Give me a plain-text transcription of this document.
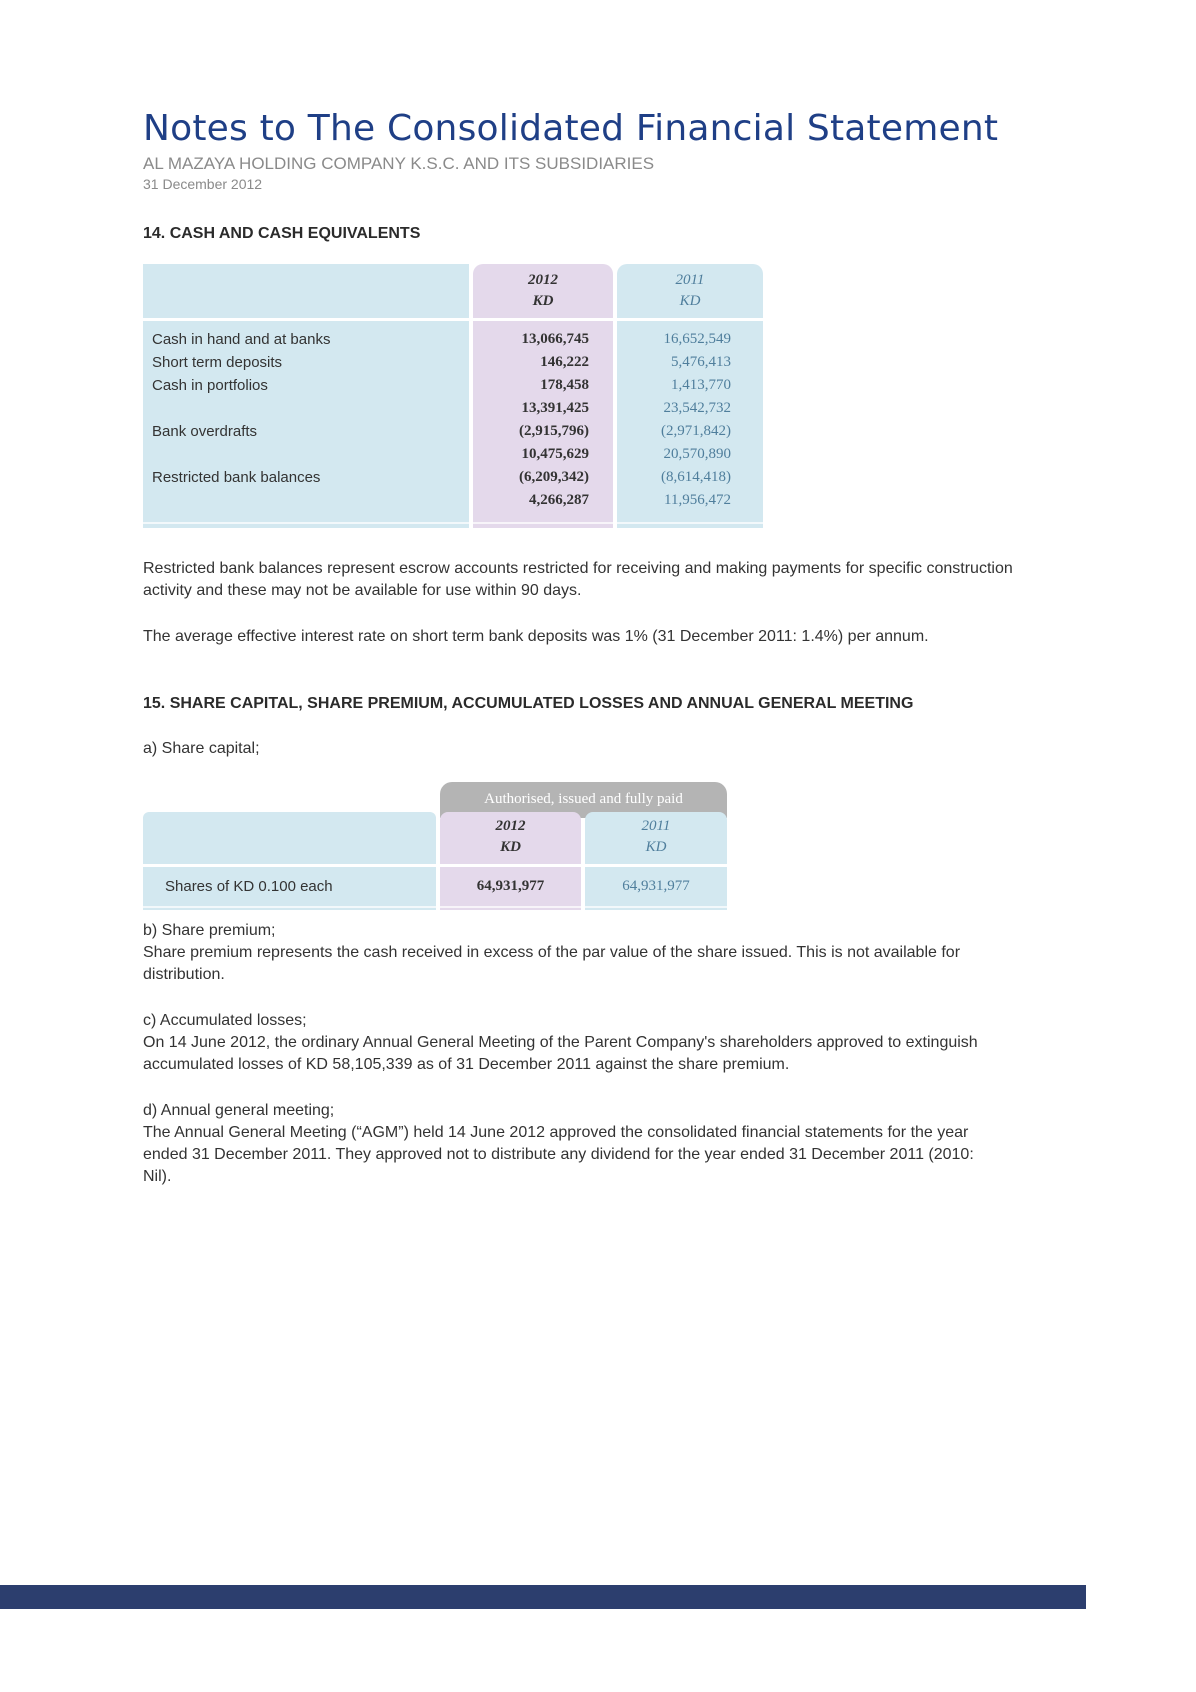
Notes to The Consolidated Financial Statement
AL MAZAYA HOLDING COMPANY K.S.C. AND ITS SUBSIDIARIES
31 December 2012
14. CASH AND CASH EQUIVALENTS
2012
KD
2011
KD
Cash in hand and at banks	13,066,745	16,652,549
Short term deposits	146,222	5,476,413
Cash in portfolios	178,458	1,413,770
13,391,425	23,542,732
Bank overdrafts	(2,915,796)	(2,971,842)
10,475,629	20,570,890
Restricted bank balances	(6,209,342)	(8,614,418)
4,266,287	11,956,472
Restricted bank balances represent escrow accounts restricted for receiving and making payments for specific construction
activity and these may not be available for use within 90 days.
The average effective interest rate on short term bank deposits was 1% (31 December 2011: 1.4%) per annum.
15. SHARE CAPITAL, SHARE PREMIUM, ACCUMULATED LOSSES AND ANNUAL GENERAL MEETING
a) Share capital;
Authorised, issued and fully paid
2012
KD
2011
KD
Shares of KD 0.100 each	64,931,977	64,931,977
b) Share premium;
Share premium represents the cash received in excess of the par value of the share issued. This is not available for
distribution.
c) Accumulated losses;
On 14 June 2012, the ordinary Annual General Meeting of the Parent Company's shareholders approved to extinguish
accumulated losses of KD 58,105,339 as of 31 December 2011 against the share premium.
d) Annual general meeting;
The Annual General Meeting (“AGM”) held 14 June 2012 approved the consolidated financial statements for the year
ended 31 December 2011. They approved not to distribute any dividend for the year ended 31 December 2011 (2010:
Nil).
